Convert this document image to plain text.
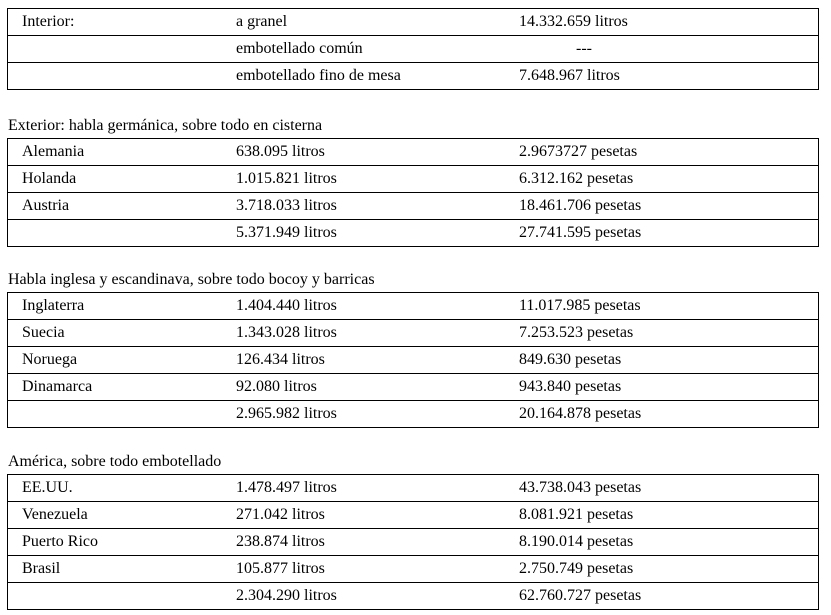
Interior:	a granel	14.332.659 litros
	embotellado común	---
	embotellado fino de mesa	7.648.967 litros
Exterior: habla germánica, sobre todo en cisterna
Alemania	638.095 litros	2.9673727 pesetas
Holanda	1.015.821 litros	6.312.162 pesetas
Austria	3.718.033 litros	18.461.706 pesetas
	5.371.949 litros	27.741.595 pesetas
Habla inglesa y escandinava, sobre todo bocoy y barricas
Inglaterra	1.404.440 litros	11.017.985 pesetas
Suecia	1.343.028 litros	7.253.523 pesetas
Noruega	126.434 litros	849.630 pesetas
Dinamarca	92.080 litros	943.840 pesetas
	2.965.982 litros	20.164.878 pesetas
América, sobre todo embotellado
EE.UU.	1.478.497 litros	43.738.043 pesetas
Venezuela	271.042 litros	8.081.921 pesetas
Puerto Rico	238.874 litros	8.190.014 pesetas
Brasil	105.877 litros	2.750.749 pesetas
	2.304.290 litros	62.760.727 pesetas
